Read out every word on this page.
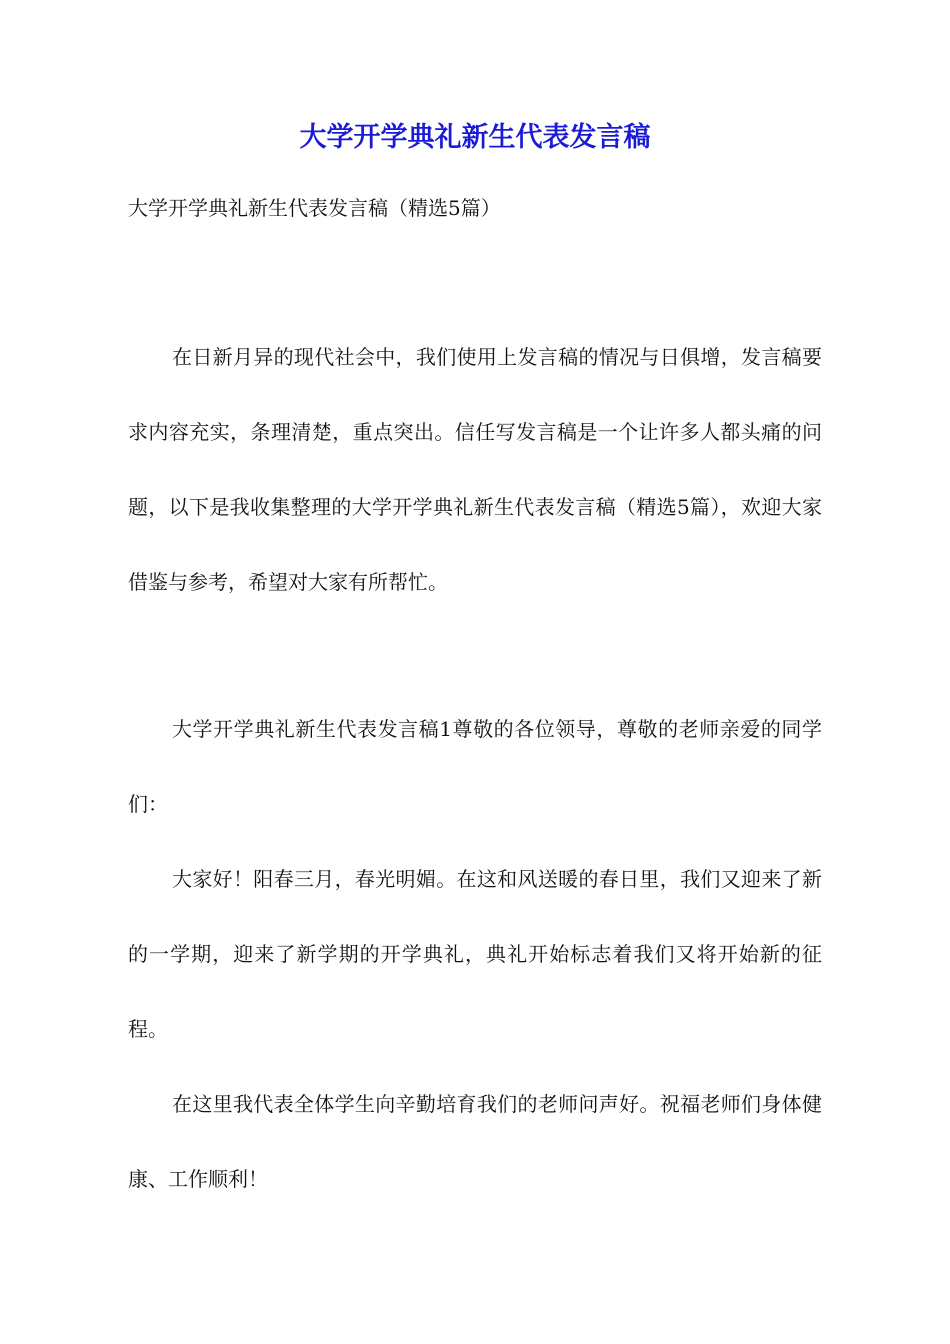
大学开学典礼新生代表发言稿

大学开学典礼新生代表发言稿（精选5篇）

在日新月异的现代社会中，我们使用上发言稿的情况与日俱增，发言稿要求内容充实，条理清楚，重点突出。信任写发言稿是一个让许多人都头痛的问题，以下是我收集整理的大学开学典礼新生代表发言稿（精选5篇），欢迎大家借鉴与参考，希望对大家有所帮忙。

大学开学典礼新生代表发言稿1尊敬的各位领导，尊敬的老师亲爱的同学们：

大家好！阳春三月，春光明媚。在这和风送暖的春日里，我们又迎来了新的一学期，迎来了新学期的开学典礼，典礼开始标志着我们又将开始新的征程。

在这里我代表全体学生向辛勤培育我们的老师问声好。祝福老师们身体健康、工作顺利！
